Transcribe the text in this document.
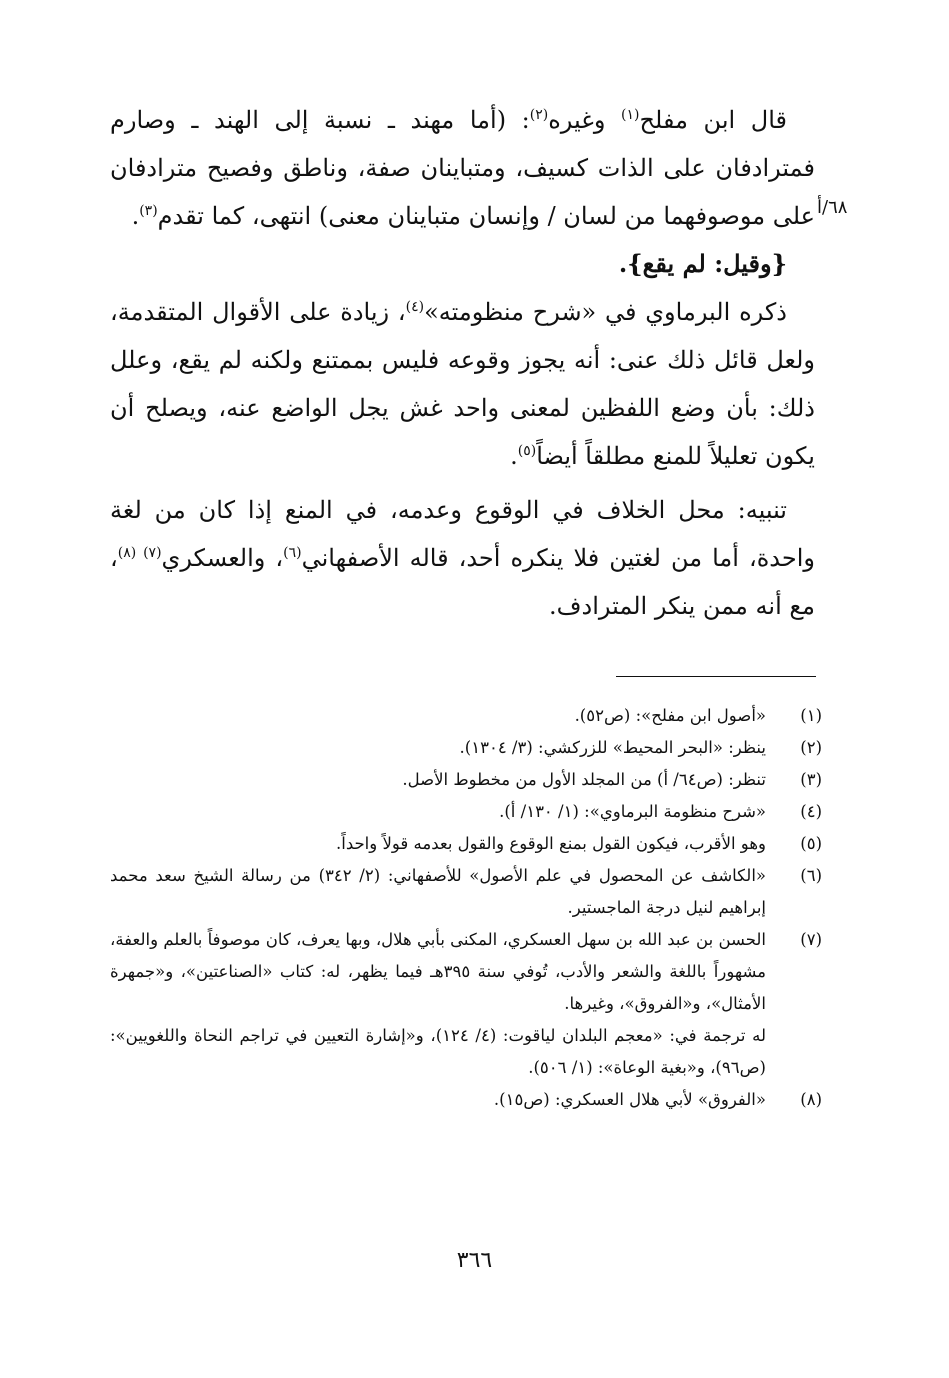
قال ابن مفلح$^{(١)}$ وغيره$^{(٢)}$: (أما مهند ـ نسبة إلى الهند ـ وصارم فمترادفان على الذات كسيف، ومتباينان صفة، وناطق وفصيح مترادفان على موصوفهما من لسان / وإنسان متباينان معنى) انتهى، كما تقدم$^{(٣)}$.

{وقيل: لم يقع}.

ذكره البرماوي في «شرح منظومته»$^{(٤)}$، زيادة على الأقوال المتقدمة، ولعل قائل ذلك عنى: أنه يجوز وقوعه فليس بممتنع ولكنه لم يقع، وعلل ذلك: بأن وضع اللفظين لمعنى واحد غش يجل الواضع عنه، ويصلح أن يكون تعليلاً للمنع مطلقاً أيضاً$^{(٥)}$.

تنبيه: محل الخلاف في الوقوع وعدمه، في المنع إذا كان من لغة واحدة، أما من لغتين فلا ينكره أحد، قاله الأصفهاني$^{(٦)}$، والعسكري$^{(٧)}$ $^{(٨)}$، مع أنه ممن ينكر المترادف.

٦٨/أ
(١)
«أصول ابن مفلح»: (ص٥٢).
(٢)
ينظر: «البحر المحيط» للزركشي: (٣/ ١٣٠٤).
(٣)
تنظر: (ص٦٤/ أ) من المجلد الأول من مخطوط الأصل.
(٤)
«شرح منظومة البرماوي»: (١/ ١٣٠/ أ).
(٥)
وهو الأقرب، فيكون القول بمنع الوقوع والقول بعدمه قولاً واحداً.
(٦)
«الكاشف عن المحصول في علم الأصول» للأصفهاني: (٢/ ٣٤٢) من رسالة الشيخ سعد محمد إبراهيم لنيل درجة الماجستير.
(٧)
الحسن بن عبد الله بن سهل العسكري، المكنى بأبي هلال، وبها يعرف، كان موصوفاً بالعلم والعفة، مشهوراً باللغة والشعر والأدب، تُوفي سنة ٣٩٥هـ فيما يظهر، له: كتاب «الصناعتين»، و«جمهرة الأمثال»، و«الفروق»، وغيرها.
له ترجمة في: «معجم البلدان لياقوت: (٤/ ١٢٤)، و«إشارة التعيين في تراجم النحاة واللغويين»: (ص٩٦)، و«بغية الوعاة»: (١/ ٥٠٦).
(٨)
«الفروق» لأبي هلال العسكري: (ص١٥).
٣٦٦
